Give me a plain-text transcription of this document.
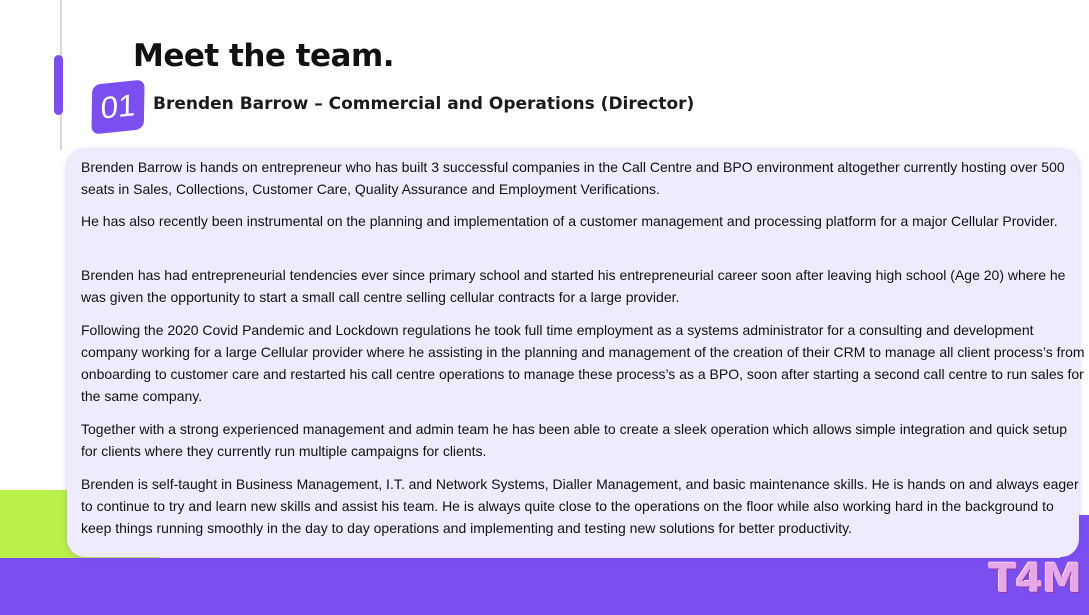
Meet the team.
01	Brenden Barrow – Commercial and Operations (Director)

Brenden Barrow is hands on entrepreneur who has built 3 successful companies in the Call Centre and BPO environment altogether currently hosting over 500 seats in Sales, Collections, Customer Care, Quality Assurance and Employment Verifications.

He has also recently been instrumental on the planning and implementation of a customer management and processing platform for a major Cellular Provider.

Brenden has had entrepreneurial tendencies ever since primary school and started his entrepreneurial career soon after leaving high school (Age 20) where he was given the opportunity to start a small call centre selling cellular contracts for a large provider.

Following the 2020 Covid Pandemic and Lockdown regulations he took full time employment as a systems administrator for a consulting and development company working for a large Cellular provider where he assisting in the planning and management of the creation of their CRM to manage all client process’s from onboarding to customer care and restarted his call centre operations to manage these process’s as a BPO, soon after starting a second call centre to run sales for the same company.

Together with a strong experienced management and admin team he has been able to create a sleek operation which allows simple integration and quick setup for clients where they currently run multiple campaigns for clients.

Brenden is self-taught in Business Management, I.T. and Network Systems, Dialler Management, and basic maintenance skills. He is hands on and always eager to continue to try and learn new skills and assist his team. He is always quite close to the operations on the floor while also working hard in the background to keep things running smoothly in the day to day operations and implementing and testing new solutions for better productivity.

T4M
